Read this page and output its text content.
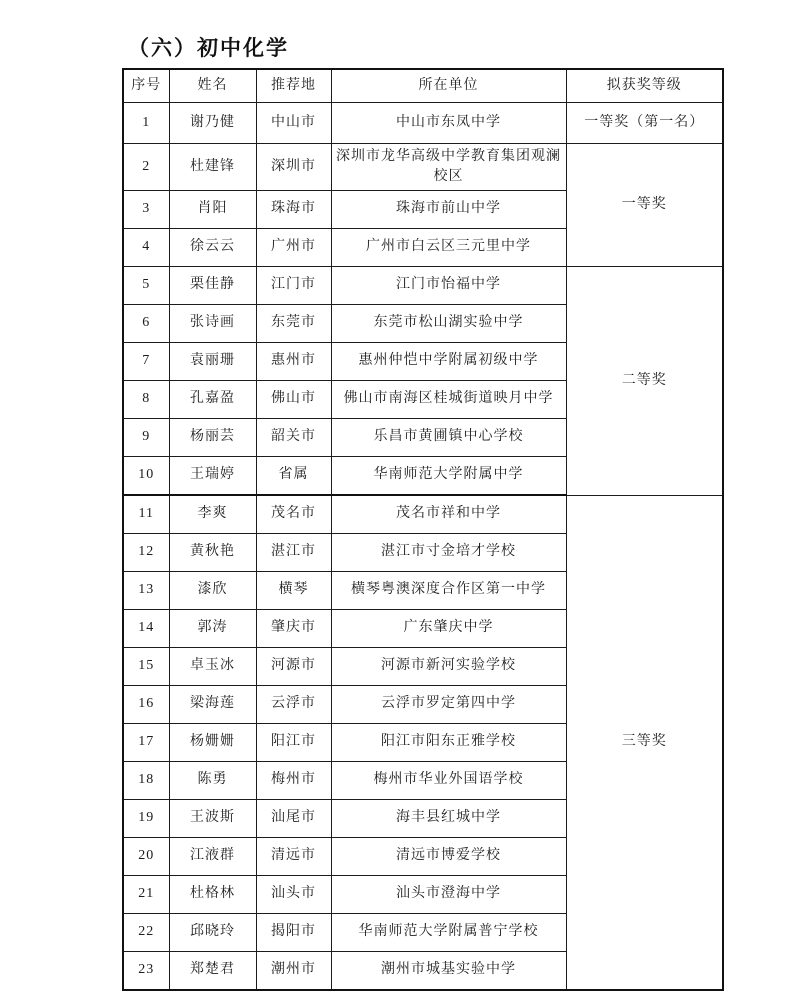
（六）初中化学
序号	姓名	推荐地	所在单位	拟获奖等级
1	谢乃健	中山市	中山市东凤中学	一等奖（第一名）
2	杜建锋	深圳市	深圳市龙华高级中学教育集团观澜校区	一等奖
3	肖阳	珠海市	珠海市前山中学	
4	徐云云	广州市	广州市白云区三元里中学	
5	栗佳静	江门市	江门市怡福中学	二等奖
6	张诗画	东莞市	东莞市松山湖实验中学	
7	袁丽珊	惠州市	惠州仲恺中学附属初级中学	
8	孔嘉盈	佛山市	佛山市南海区桂城街道映月中学	
9	杨丽芸	韶关市	乐昌市黄圃镇中心学校	
10	王瑞婷	省属	华南师范大学附属中学	
11	李爽	茂名市	茂名市祥和中学	三等奖
12	黄秋艳	湛江市	湛江市寸金培才学校	
13	漆欣	横琴	横琴粤澳深度合作区第一中学	
14	郭涛	肇庆市	广东肇庆中学	
15	卓玉冰	河源市	河源市新河实验学校	
16	梁海莲	云浮市	云浮市罗定第四中学	
17	杨姗姗	阳江市	阳江市阳东正雅学校	
18	陈勇	梅州市	梅州市华业外国语学校	
19	王波斯	汕尾市	海丰县红城中学	
20	江液群	清远市	清远市博爱学校	
21	杜格林	汕头市	汕头市澄海中学	
22	邱晓玲	揭阳市	华南师范大学附属普宁学校	
23	郑楚君	潮州市	潮州市城基实验中学	
